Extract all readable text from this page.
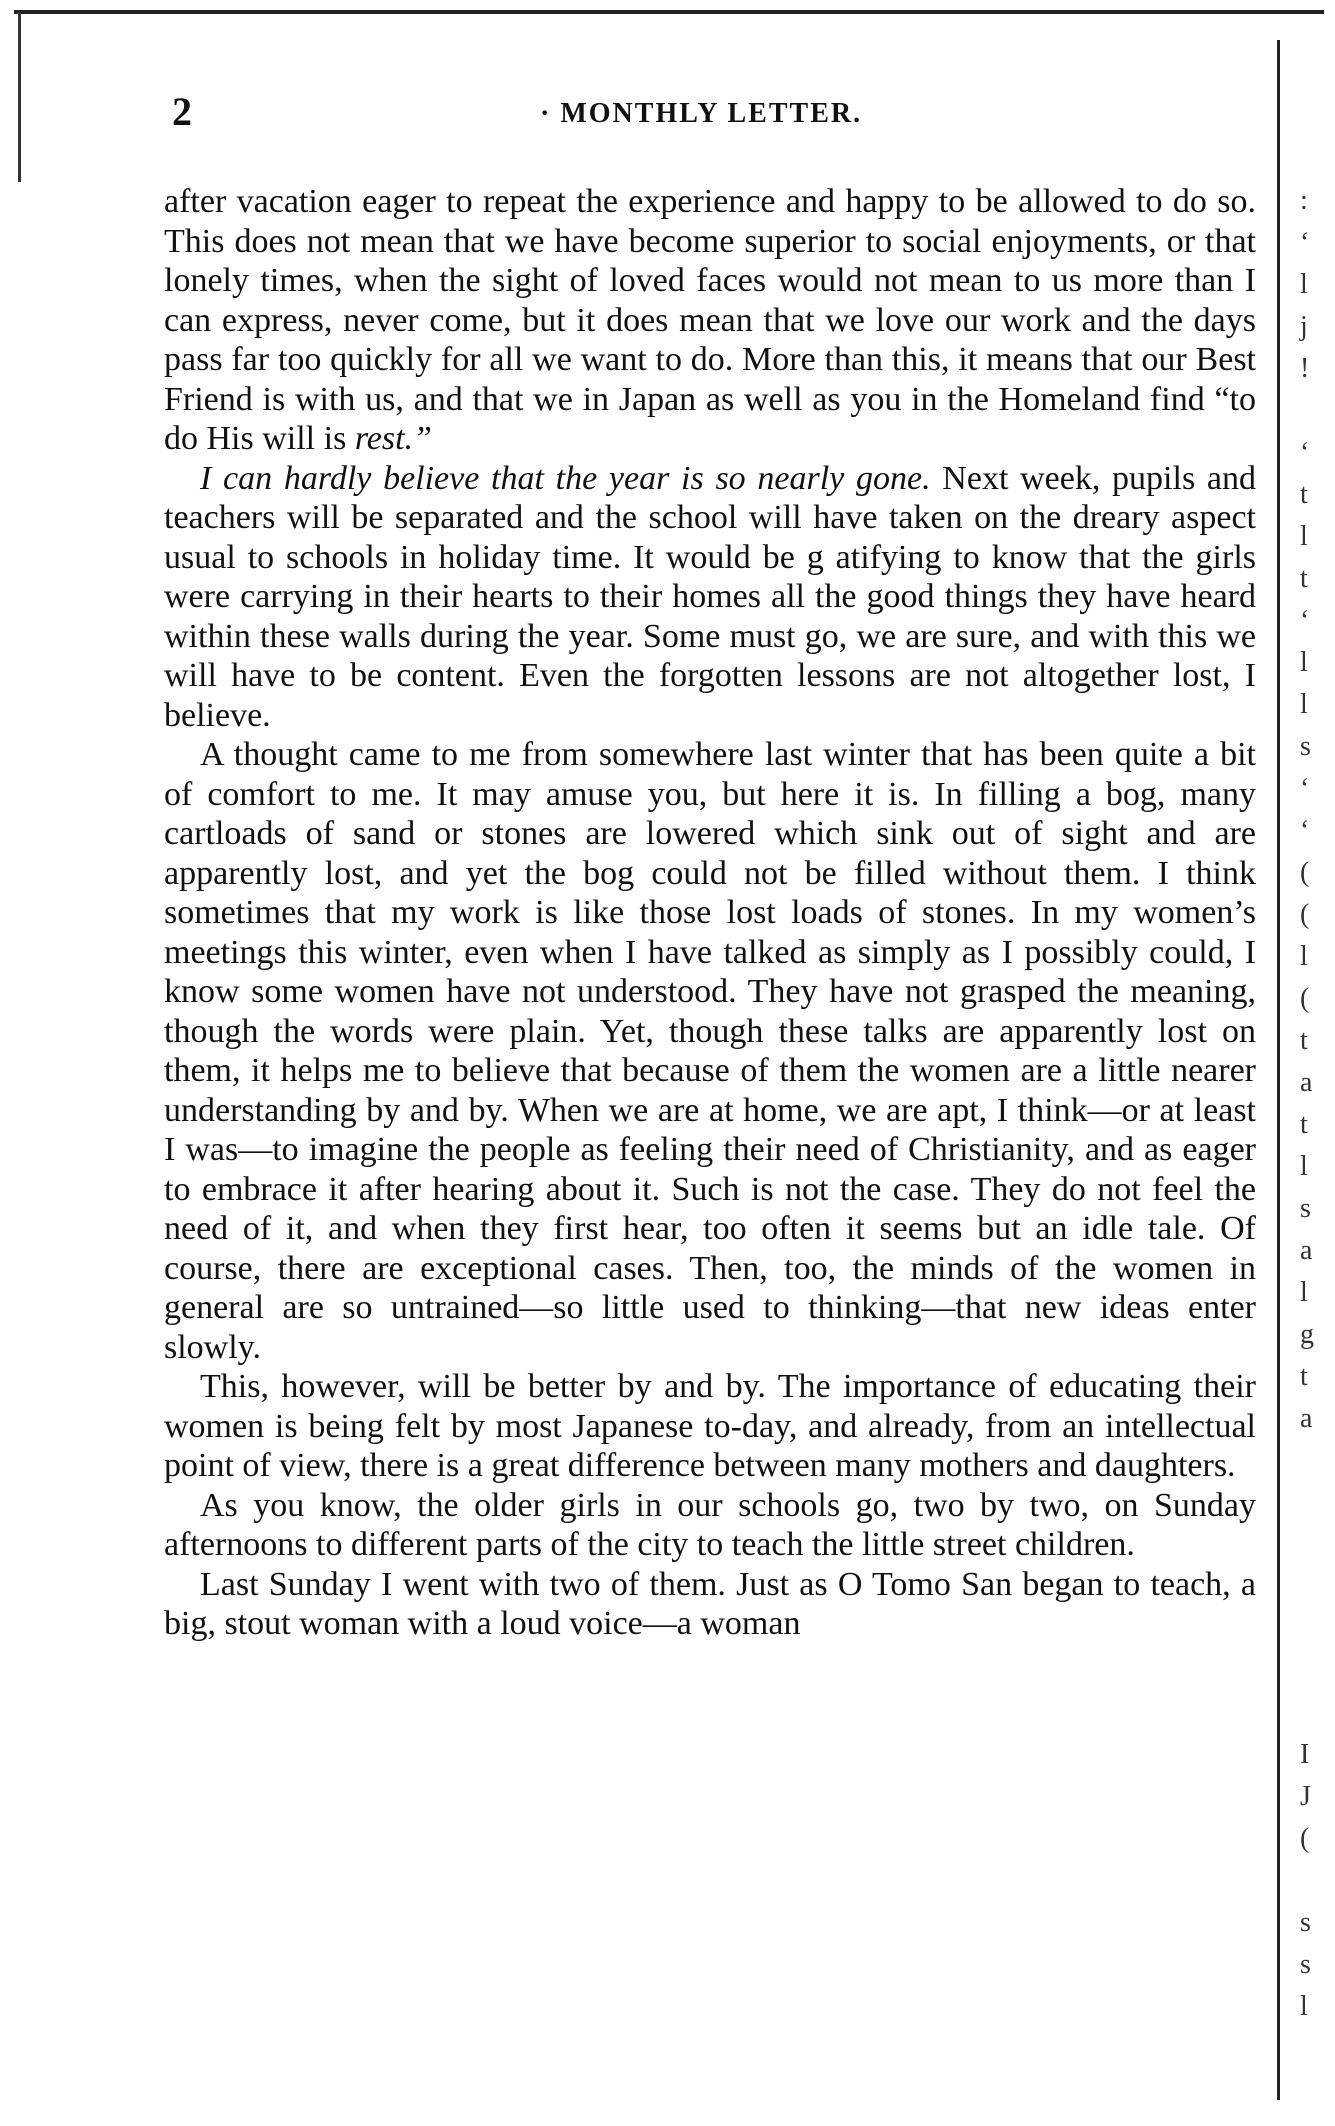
2	· MONTHLY LETTER.

after vacation eager to repeat the experience and happy to be allowed to do so. This does not mean that we have become superior to social enjoyments, or that lonely times, when the sight of loved faces would not mean to us more than I can express, never come, but it does mean that we love our work and the days pass far too quickly for all we want to do. More than this, it means that our Best Friend is with us, and that we in Japan as well as you in the Homeland find “to do His will is rest.”

I can hardly believe that the year is so nearly gone. Next week, pupils and teachers will be separated and the school will have taken on the dreary aspect usual to schools in holiday time. It would be g atifying to know that the girls were carrying in their hearts to their homes all the good things they have heard within these walls during the year. Some must go, we are sure, and with this we will have to be content. Even the forgotten lessons are not altogether lost, I believe.

A thought came to me from somewhere last winter that has been quite a bit of comfort to me. It may amuse you, but here it is. In filling a bog, many cartloads of sand or stones are lowered which sink out of sight and are apparently lost, and yet the bog could not be filled without them. I think sometimes that my work is like those lost loads of stones. In my women’s meetings this winter, even when I have talked as simply as I possibly could, I know some women have not understood. They have not grasped the meaning, though the words were plain. Yet, though these talks are apparently lost on them, it helps me to believe that because of them the women are a little nearer understanding by and by. When we are at home, we are apt, I think—or at least I was—to imagine the people as feeling their need of Christianity, and as eager to embrace it after hearing about it. Such is not the case. They do not feel the need of it, and when they first hear, too often it seems but an idle tale. Of course, there are exceptional cases. Then, too, the minds of the women in general are so untrained—so little used to thinking—that new ideas enter slowly.

This, however, will be better by and by. The importance of educating their women is being felt by most Japanese to-day, and already, from an intellectual point of view, there is a great difference between many mothers and daughters.

As you know, the older girls in our schools go, two by two, on Sunday afternoons to different parts of the city to teach the little street children.

Last Sunday I went with two of them. Just as O Tomo San began to teach, a big, stout woman with a loud voice—a woman

:
‘
l
j
!
‘
t
l
t
‘
l
l
s
‘
‘
(
(
l
(
t
a
t
l
s
a
l
g
t
a
I
J
(
s
s
l
